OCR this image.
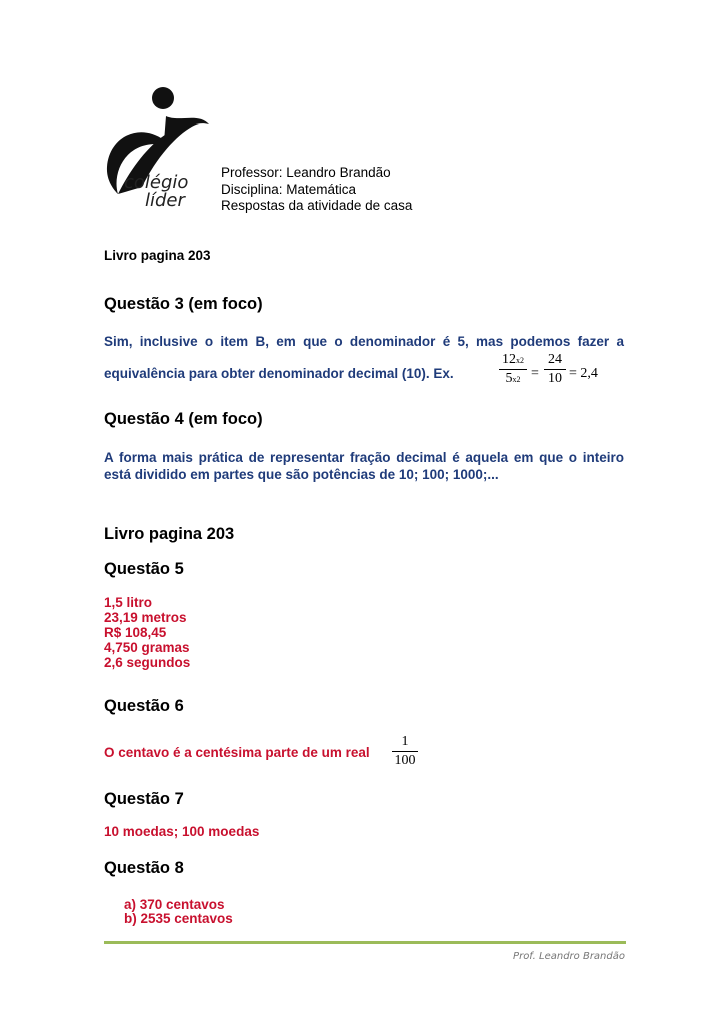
colégio
líder
Professor: Leandro Brandão
Disciplina: Matemática
Respostas da atividade de casa
Livro pagina 203
Questão 3 (em foco)
Sim, inclusive o item B, em que o denominador é 5, mas podemos fazer a
equivalência para obter denominador decimal (10). Ex.
$12^{x2}$
$5^{x2}$ =
24
10 = 2,4
Questão 4 (em foco)
A forma mais prática de representar fração decimal é aquela em que o inteiro está dividido em partes que são potências de 10; 100; 1000;...
Livro pagina 203
Questão 5
1,5 litro
23,19 metros
R$ 108,45
4,750 gramas
2,6 segundos
Questão 6
O centavo é a centésima parte de um real
1
100
Questão 7
10 moedas; 100 moedas
Questão 8
a) 370 centavos
b) 2535 centavos
Prof. Leandro Brandão
